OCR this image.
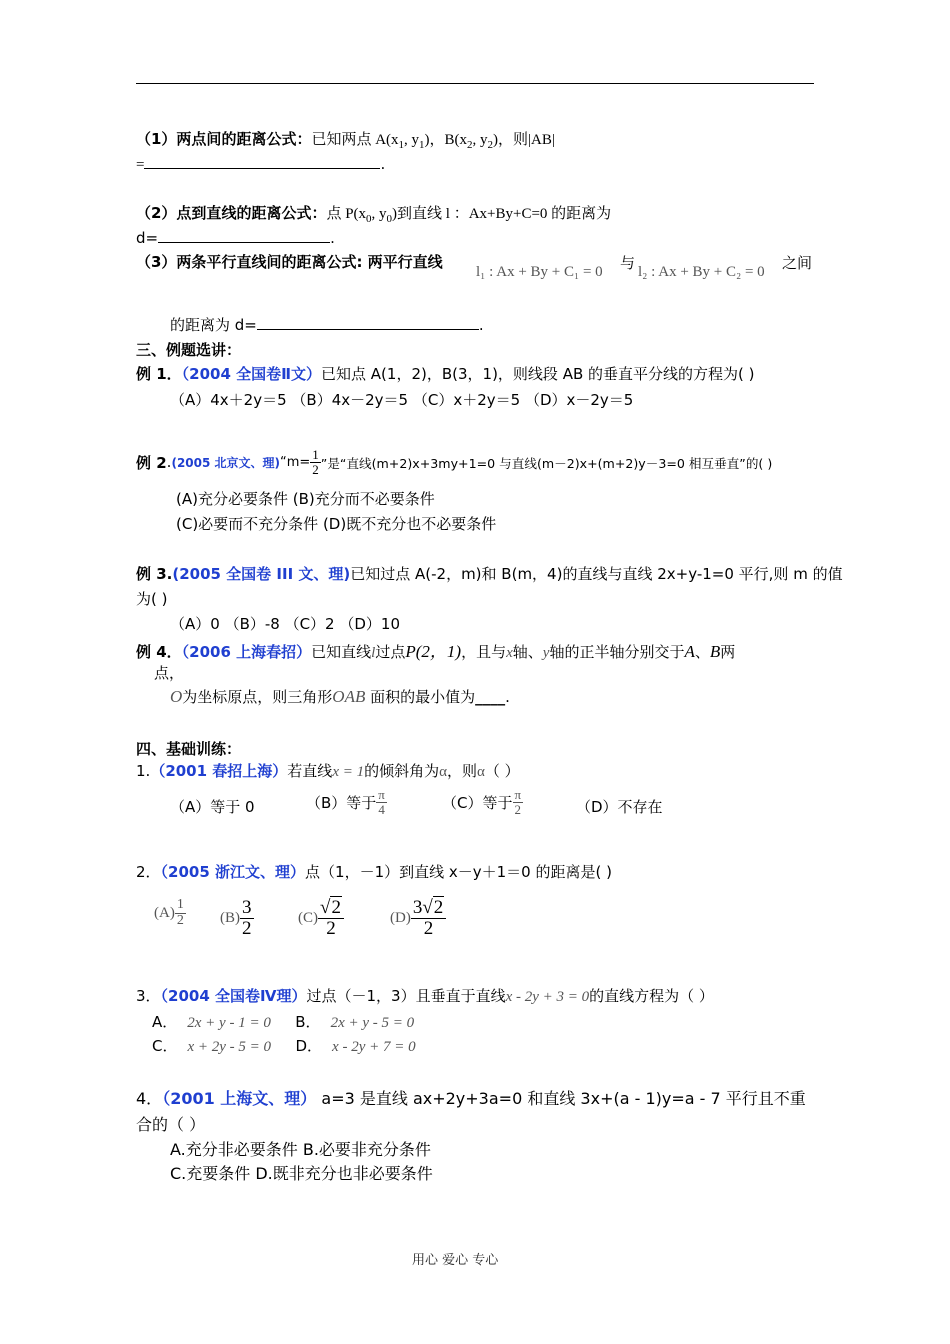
（1）两点间的距离公式：已知两点 $A(x_1$, $y_1$)，$B(x_2$, $y_2$)，则|AB|
=	.
（2）点到直线的距离公式：点 $P(x_0$, $y_0$)到直线 l ：Ax+By+C=0 的距离为
d=	.
（3）两条平行直线间的距离公式: 两平行直线
l₁ : Ax + By + C₁ = 0 与 l₂ : Ax + By + C₂ = 0 之间
的距离为 d=	.
三、例题选讲：
例 1．（2004 全国卷Ⅱ文）已知点 A(1，2)，B(3，1)，则线段 AB 的垂直平分线的方程为( )
（A）4x＋2y＝5 （B）4x－2y＝5 （C）x＋2y＝5 （D）x－2y＝5
例 2 . (2005 北京文、理) “$m= \frac{1}{2}$ ”是“直线(m+2)x+3my+1=0 与直线(m－2)x+(m+2)y－3=0 相互垂直”的( )
(A)充分必要条件 (B)充分而不必要条件
(C)必要而不充分条件 (D)既不充分也不必要条件
例 3.(2005 全国卷 III 文、理)已知过点 A(-2，m)和 B(m，4)的直线与直线 2x+y-1=0 平行,则 m 的值
为( )
（A）0 （B）-8 （C）2 （D）10
例 4．（2006 上海春招）已知直线l过点P(2，1)，且与x轴、y轴的正半轴分别交于A、B两
点，
O为坐标原点，则三角形OAB 面积的最小值为____.
四、基础训练：
1.（2001 春招上海）若直线x = 1的倾斜角为α，则α（ ）
（A）等于 0	（B）等于 $\frac{\pi}{4}$	（C）等于 $\frac{\pi}{2}$	（D）不存在
2．（2005 浙江文、理）点（1，－1）到直线 x－y＋1＝0 的距离是( )
$(A) \frac{1}{2} (B) \frac{3}{2}$	$(C) \frac{√2}{2}$	$(D) \frac{3√2}{2}$
3．（2004 全国卷Ⅳ理）过点（－1，3）且垂直于直线x - 2y + 3 = 0的直线方程为（ ）
A． 2x + y - 1 = 0 B． 2x + y - 5 = 0
C． x + 2y - 5 = 0 D． x - 2y + 7 = 0
4．（2001 上海文、理） a=3 是直线 ax+2y+3a=0 和直线 3x+(a - 1)y=a - 7 平行且不重
合的（ ）
A.充分非必要条件 B.必要非充分条件
C.充要条件 D.既非充分也非必要条件
用心 爱心 专心
